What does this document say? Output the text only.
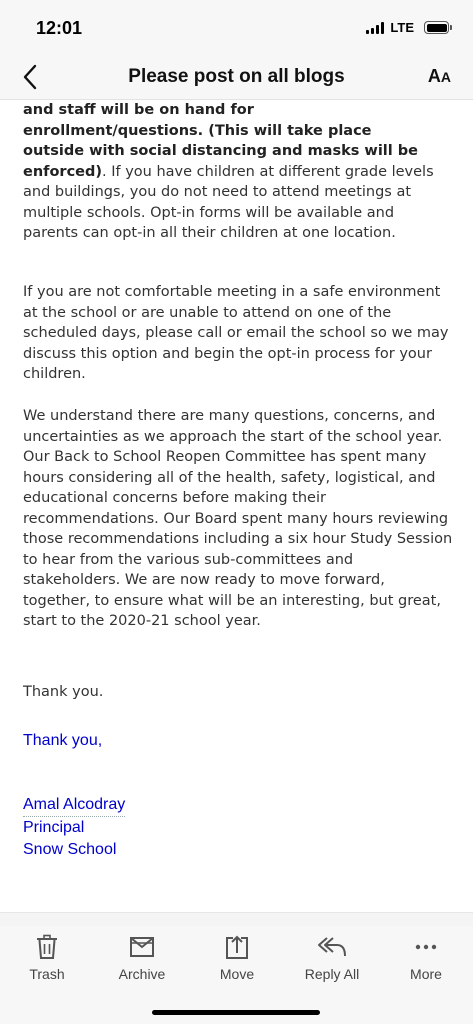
12:01	LTE
Please post on all blogs	AA
and staff will be on hand for
enrollment/questions. (This will take place
outside with social distancing and masks will be
enforced). If you have children at different grade levels and buildings, you do not need to attend meetings at multiple schools. Opt-in forms will be available and parents can opt-in all their children at one location.
If you are not comfortable meeting in a safe environment at the school or are unable to attend on one of the scheduled days, please call or email the school so we may discuss this option and begin the opt-in process for your children.
We understand there are many questions, concerns, and uncertainties as we approach the start of the school year. Our Back to School Reopen Committee has spent many hours considering all of the health, safety, logistical, and educational concerns before making their recommendations. Our Board spent many hours reviewing those recommendations including a six hour Study Session to hear from the various sub-committees and stakeholders. We are now ready to move forward, together, to ensure what will be an interesting, but great, start to the 2020-21 school year.
Thank you.
Thank you,
Amal Alcodray
Principal
Snow School
Trash	Archive	Move	Reply All	More
